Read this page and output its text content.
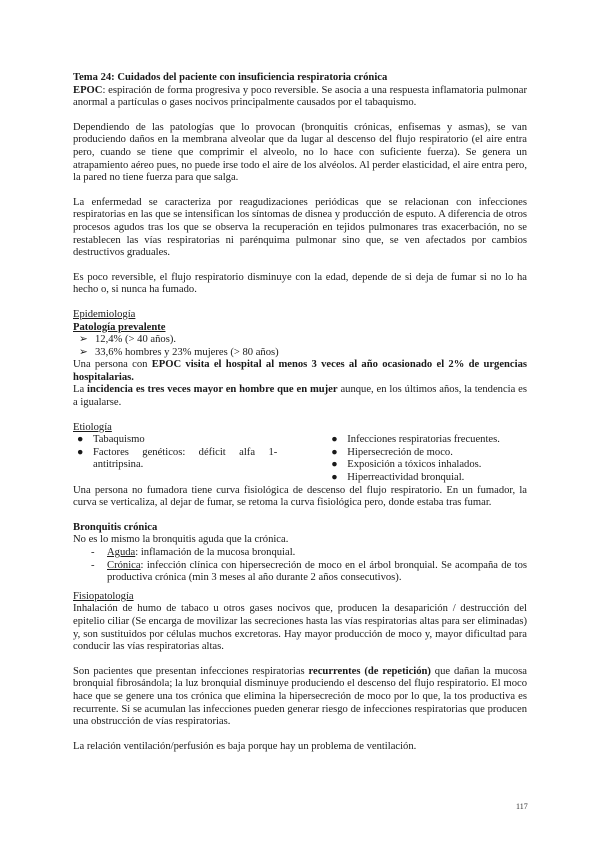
Tema 24: Cuidados del paciente con insuficiencia respiratoria crónica

EPOC: espiración de forma progresiva y poco reversible. Se asocia a una respuesta inflamatoria pulmonar anormal a partículas o gases nocivos principalmente causados por el tabaquismo.

Dependiendo de las patologías que lo provocan (bronquitis crónicas, enfisemas y asmas), se van produciendo daños en la membrana alveolar que da lugar al descenso del flujo respiratorio (el aire entra pero, cuando se tiene que comprimir el alveolo, no lo hace con suficiente fuerza). Se genera un atrapamiento aéreo pues, no puede irse todo el aire de los alvéolos. Al perder elasticidad, el aire entra pero, la pared no tiene fuerza para que salga.

La enfermedad se caracteriza por reagudizaciones periódicas que se relacionan con infecciones respiratorias en las que se intensifican los síntomas de disnea y producción de esputo. A diferencia de otros procesos agudos tras los que se observa la recuperación en tejidos pulmonares tras exacerbación, no se restablecen las vías respiratorias ni parénquima pulmonar sino que, se ven afectados por cambios destructivos graduales.

Es poco reversible, el flujo respiratorio disminuye con la edad, depende de si deja de fumar si no lo ha hecho o, si nunca ha fumado.

Epidemiología

Patología prevalente

➢ 12,4% (> 40 años).
➢ 33,6% hombres y 23% mujeres (> 80 años)

Una persona con EPOC visita el hospital al menos 3 veces al año ocasionado el 2% de urgencias hospitalarias.

La incidencia es tres veces mayor en hombre que en mujer aunque, en los últimos años, la tendencia es a igualarse.

Etiología

● Tabaquismo
● Factores genéticos: déficit alfa 1-antitripsina.
● Infecciones respiratorias frecuentes.
● Hipersecreción de moco.
● Exposición a tóxicos inhalados.
● Hiperreactividad bronquial.

Una persona no fumadora tiene curva fisiológica de descenso del flujo respiratorio. En un fumador, la curva se verticaliza, al dejar de fumar, se retoma la curva fisiológica pero, donde estaba tras fumar.

Bronquitis crónica

No es lo mismo la bronquitis aguda que la crónica.

- Aguda: inflamación de la mucosa bronquial.
- Crónica: infección clínica con hipersecreción de moco en el árbol bronquial. Se acompaña de tos productiva crónica (min 3 meses al año durante 2 años consecutivos).

Fisiopatología

Inhalación de humo de tabaco u otros gases nocivos que, producen la desaparición / destrucción del epitelio ciliar (Se encarga de movilizar las secreciones hasta las vías respiratorias altas para ser eliminadas) y, son sustituidos por células muchos excretoras. Hay mayor producción de moco y, mayor dificultad para conducir las vías respiratorias altas.

Son pacientes que presentan infecciones respiratorias recurrentes (de repetición) que dañan la mucosa bronquial fibrosándola; la luz bronquial disminuye produciendo el descenso del flujo respiratorio. El moco hace que se genere una tos crónica que elimina la hipersecreción de moco por lo que, la tos productiva es recurrente. Si se acumulan las infecciones pueden generar riesgo de infecciones respiratorias que producen una obstrucción de vías respiratorias.

La relación ventilación/perfusión es baja porque hay un problema de ventilación.

117
